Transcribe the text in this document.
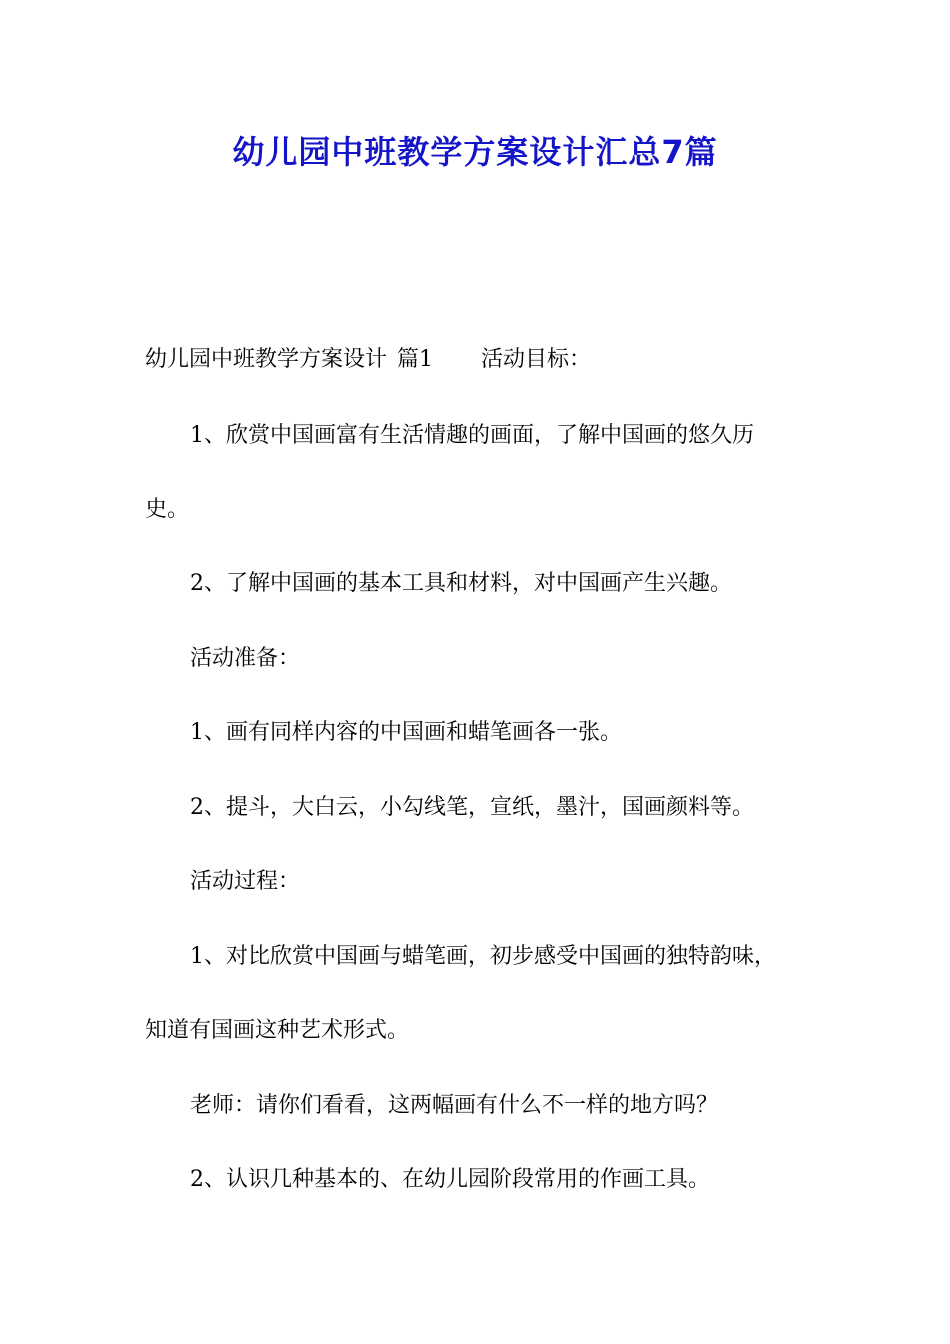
幼儿园中班教学方案设计汇总7篇
幼儿园中班教学方案设计 篇1 活动目标：
1、欣赏中国画富有生活情趣的画面，了解中国画的悠久历
史。
2、了解中国画的基本工具和材料，对中国画产生兴趣。
活动准备：
1、画有同样内容的中国画和蜡笔画各一张。
2、提斗，大白云，小勾线笔，宣纸，墨汁，国画颜料等。
活动过程：
1、对比欣赏中国画与蜡笔画，初步感受中国画的独特韵味，
知道有国画这种艺术形式。
老师：请你们看看，这两幅画有什么不一样的地方吗？
2、认识几种基本的、在幼儿园阶段常用的作画工具。
